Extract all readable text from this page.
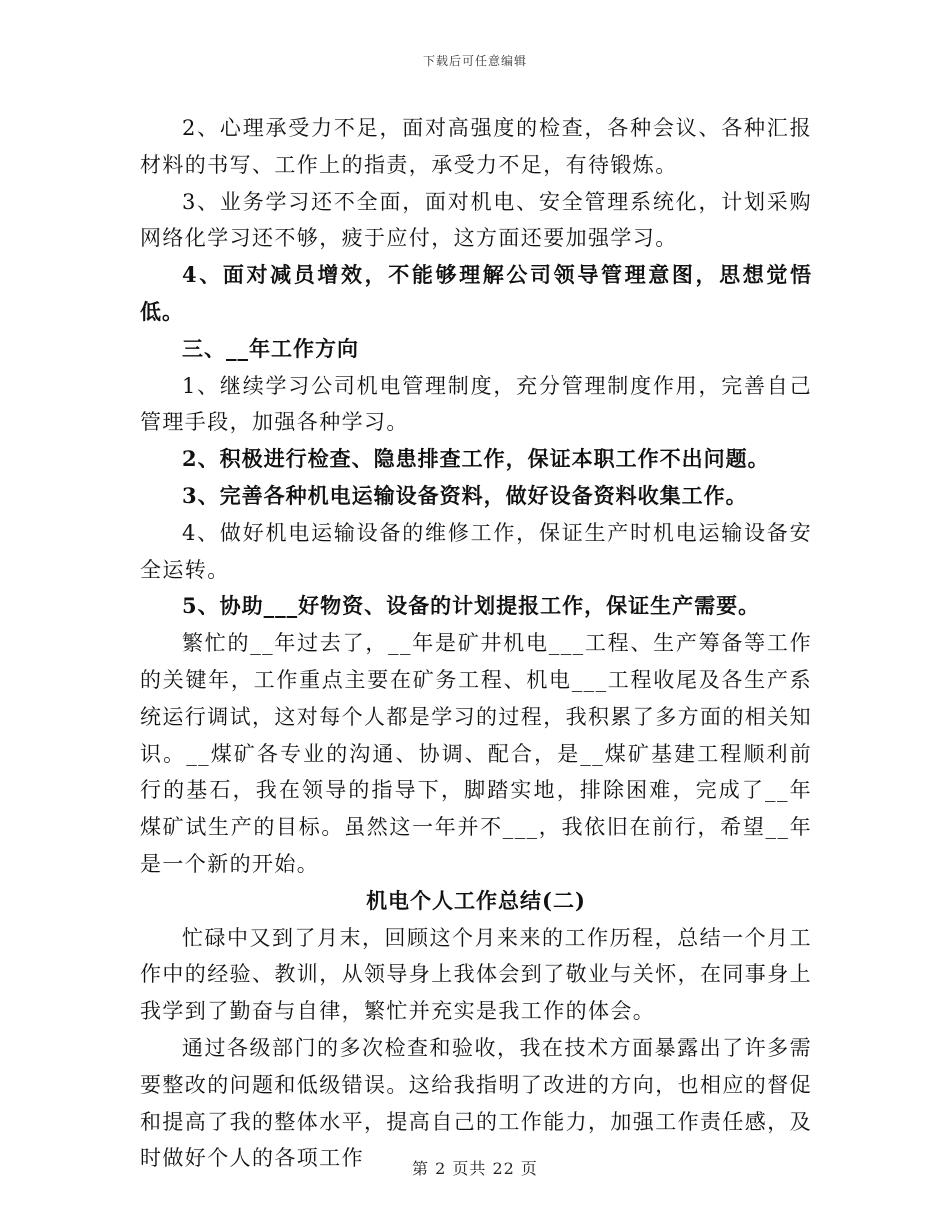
下载后可任意编辑

2、心理承受力不足，面对高强度的检查，各种会议、各种汇报材料的书写、工作上的指责，承受力不足，有待锻炼。

3、业务学习还不全面，面对机电、安全管理系统化，计划采购网络化学习还不够，疲于应付，这方面还要加强学习。

4、面对减员增效，不能够理解公司领导管理意图，思想觉悟低。

三、__年工作方向

1、继续学习公司机电管理制度，充分管理制度作用，完善自己管理手段，加强各种学习。

2、积极进行检查、隐患排查工作，保证本职工作不出问题。

3、完善各种机电运输设备资料，做好设备资料收集工作。

4、做好机电运输设备的维修工作，保证生产时机电运输设备安全运转。

5、协助___好物资、设备的计划提报工作，保证生产需要。

繁忙的__年过去了，__年是矿井机电___工程、生产筹备等工作的关键年，工作重点主要在矿务工程、机电___工程收尾及各生产系统运行调试，这对每个人都是学习的过程，我积累了多方面的相关知识。__煤矿各专业的沟通、协调、配合，是__煤矿基建工程顺利前行的基石，我在领导的指导下，脚踏实地，排除困难，完成了__年煤矿试生产的目标。虽然这一年并不___，我依旧在前行，希望__年是一个新的开始。

机电个人工作总结(二)

忙碌中又到了月末，回顾这个月来来的工作历程，总结一个月工作中的经验、教训，从领导身上我体会到了敬业与关怀，在同事身上我学到了勤奋与自律，繁忙并充实是我工作的体会。

通过各级部门的多次检查和验收，我在技术方面暴露出了许多需要整改的问题和低级错误。这给我指明了改进的方向，也相应的督促和提高了我的整体水平，提高自己的工作能力，加强工作责任感，及时做好个人的各项工作	第 2 页共 22 页
